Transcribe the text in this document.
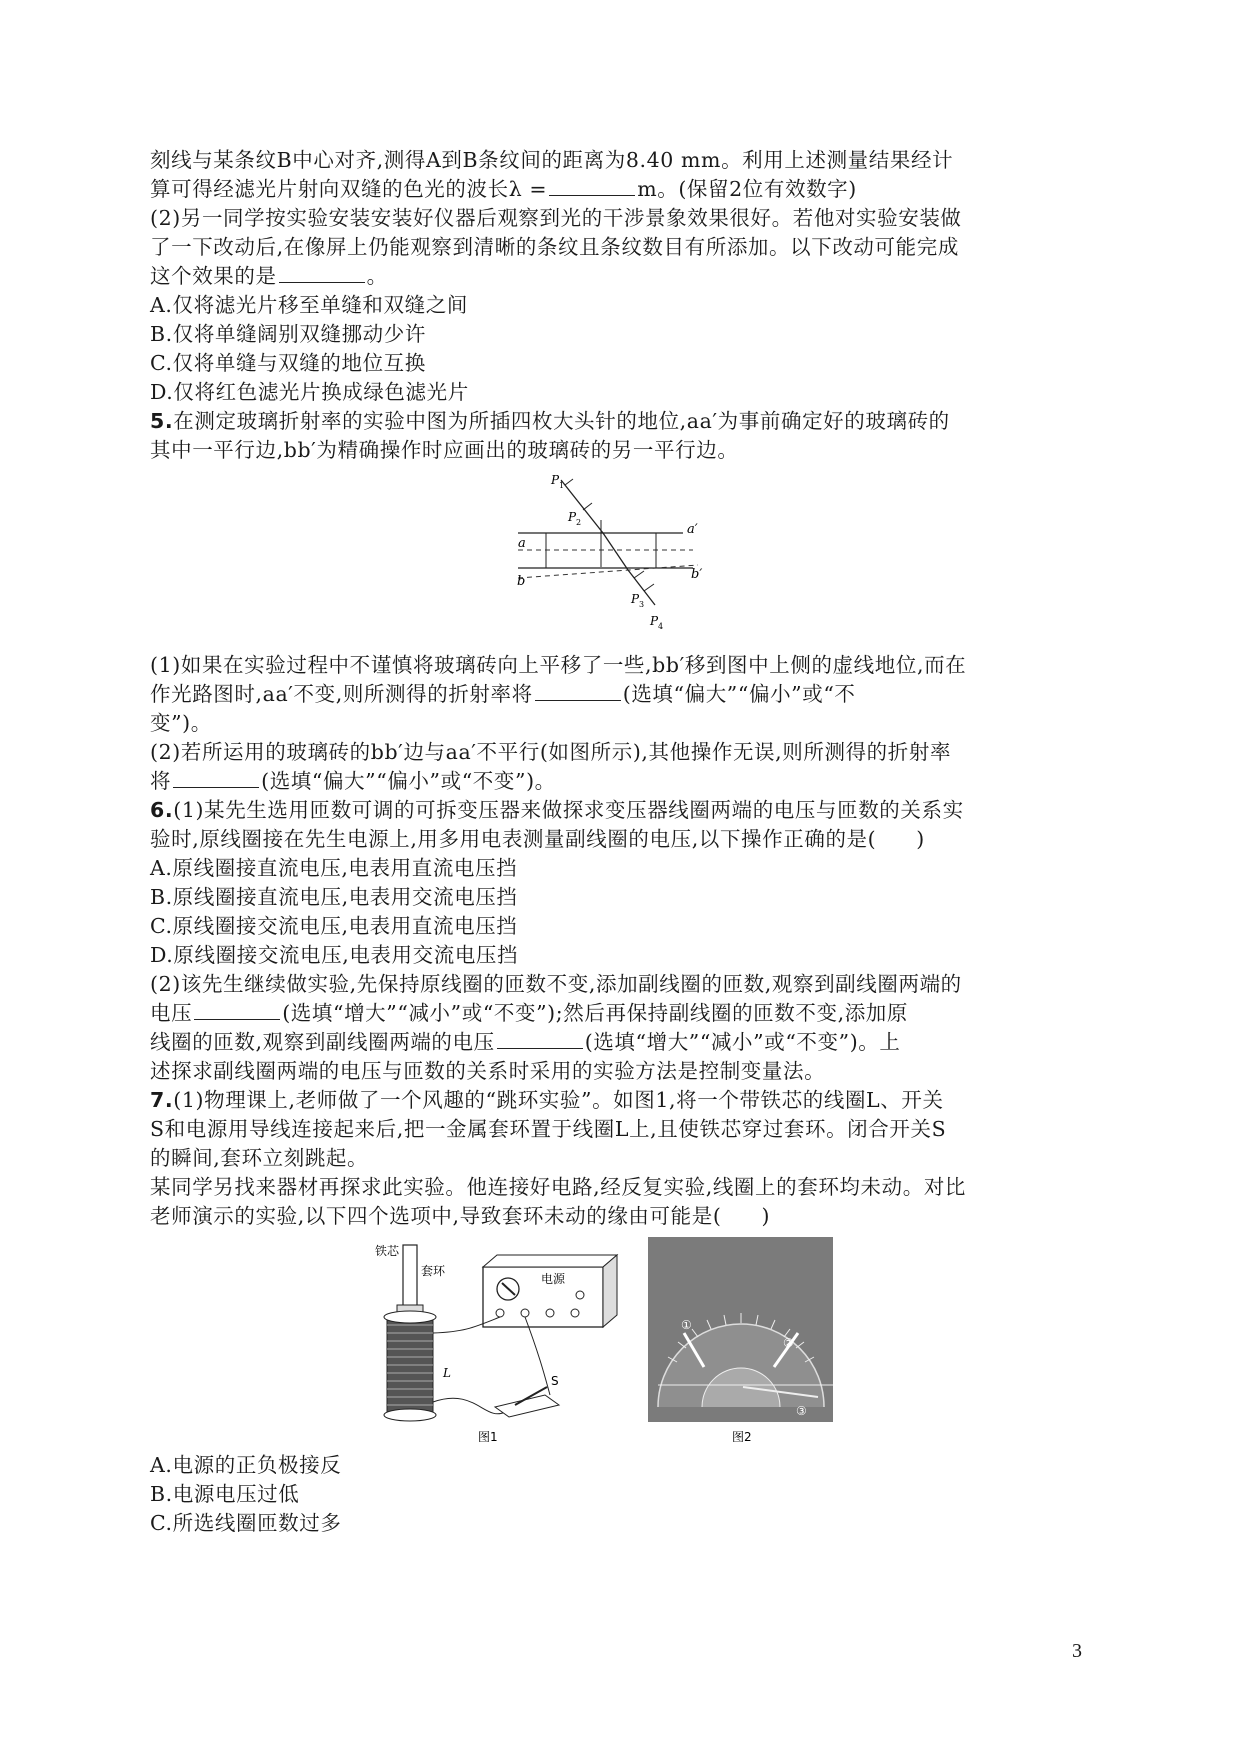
刻线与某条纹B中心对齐,测得A到B条纹间的距离为8.40 mm。利用上述测量结果经计
算可得经滤光片射向双缝的色光的波长λ =	m。(保留2位有效数字)
(2)另一同学按实验安装安装好仪器后观察到光的干涉景象效果很好。若他对实验安装做
了一下改动后,在像屏上仍能观察到清晰的条纹且条纹数目有所添加。以下改动可能完成
这个效果的是	。
A.仅将滤光片移至单缝和双缝之间
B.仅将单缝阔别双缝挪动少许
C.仅将单缝与双缝的地位互换
D.仅将红色滤光片换成绿色滤光片
5.在测定玻璃折射率的实验中图为所插四枚大头针的地位,aa′为事前确定好的玻璃砖的
其中一平行边,bb′为精确操作时应画出的玻璃砖的另一平行边。
P 1
P 2
P 3
P 4
a
a′
b	b′
(1)如果在实验过程中不谨慎将玻璃砖向上平移了一些,bb′移到图中上侧的虚线地位,而在
作光路图时,aa′不变,则所测得的折射率将	(选填“偏大”“偏小”或“不
变”)。
(2)若所运用的玻璃砖的bb′边与aa′不平行(如图所示),其他操作无误,则所测得的折射率
将	(选填“偏大”“偏小”或“不变”)。
6.(1)某先生选用匝数可调的可拆变压器来做探求变压器线圈两端的电压与匝数的关系实
验时,原线圈接在先生电源上,用多用电表测量副线圈的电压,以下操作正确的是( )
A.原线圈接直流电压,电表用直流电压挡
B.原线圈接直流电压,电表用交流电压挡
C.原线圈接交流电压,电表用直流电压挡
D.原线圈接交流电压,电表用交流电压挡
(2)该先生继续做实验,先保持原线圈的匝数不变,添加副线圈的匝数,观察到副线圈两端的
电压	(选填“增大”“减小”或“不变”);然后再保持副线圈的匝数不变,添加原
线圈的匝数,观察到副线圈两端的电压	(选填“增大”“减小”或“不变”)。上
述探求副线圈两端的电压与匝数的关系时采用的实验方法是控制变量法。
7.(1)物理课上,老师做了一个风趣的“跳环实验”。如图1,将一个带铁芯的线圈L、开关
S和电源用导线连接起来后,把一金属套环置于线圈L上,且使铁芯穿过套环。闭合开关S
的瞬间,套环立刻跳起。
某同学另找来器材再探求此实验。他连接好电路,经反复实验,线圈上的套环均未动。对比
老师演示的实验,以下四个选项中,导致套环未动的缘由可能是( )
铁芯
套环
L
电源
S
图1
①
②
③
图2
A.电源的正负极接反
B.电源电压过低
C.所选线圈匝数过多
3
